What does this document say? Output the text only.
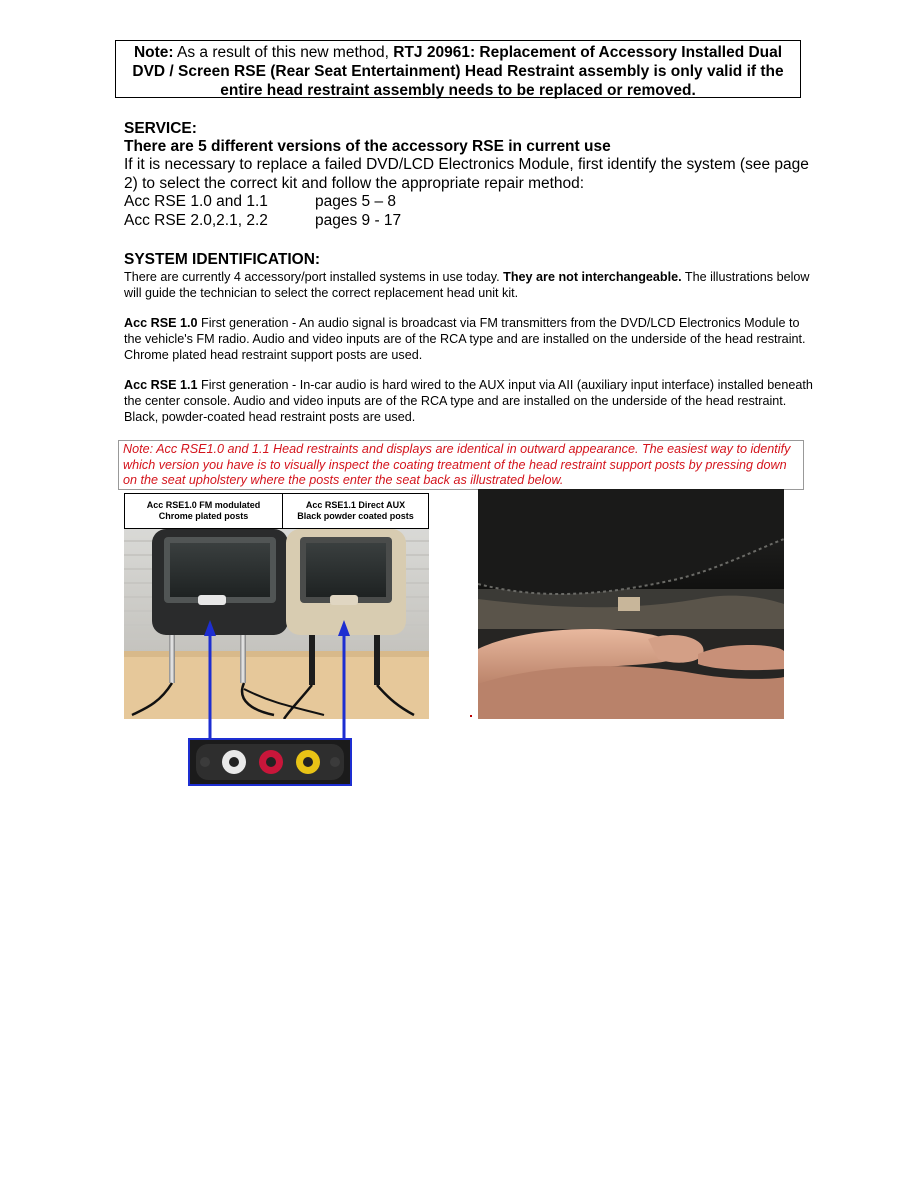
Note: As a result of this new method, RTJ 20961: Replacement of Accessory Installed Dual DVD / Screen RSE (Rear Seat Entertainment) Head Restraint assembly is only valid if the entire head restraint assembly needs to be replaced or removed.
SERVICE:
There are 5 different versions of the accessory RSE in current use
If it is necessary to replace a failed DVD/LCD Electronics Module, first identify the system (see page 2) to select the correct kit and follow the appropriate repair method:
Acc RSE 1.0 and 1.1	pages 5 – 8
Acc RSE 2.0,2.1, 2.2	pages 9 - 17
SYSTEM IDENTIFICATION:

There are currently 4 accessory/port installed systems in use today. They are not interchangeable. The illustrations below will guide the technician to select the correct replacement head unit kit.

Acc RSE 1.0 First generation - An audio signal is broadcast via FM transmitters from the DVD/LCD Electronics Module to the vehicle's FM radio. Audio and video inputs are of the RCA type and are installed on the underside of the head restraint. Chrome plated head restraint support posts are used.
Acc RSE 1.1 First generation - In-car audio is hard wired to the AUX input via AII (auxiliary input interface) installed beneath the center console. Audio and video inputs are of the RCA type and are installed on the underside of the head restraint. Black, powder-coated head restraint posts are used.
Note: Acc RSE1.0 and 1.1 Head restraints and displays are identical in outward appearance. The easiest way to identify which version you have is to visually inspect the coating treatment of the head restraint support posts by pressing down on the seat upholstery where the posts enter the seat back as illustrated below.
Acc RSE1.0 FM modulated
Chrome plated posts
Acc RSE1.1 Direct AUX
Black powder coated posts
